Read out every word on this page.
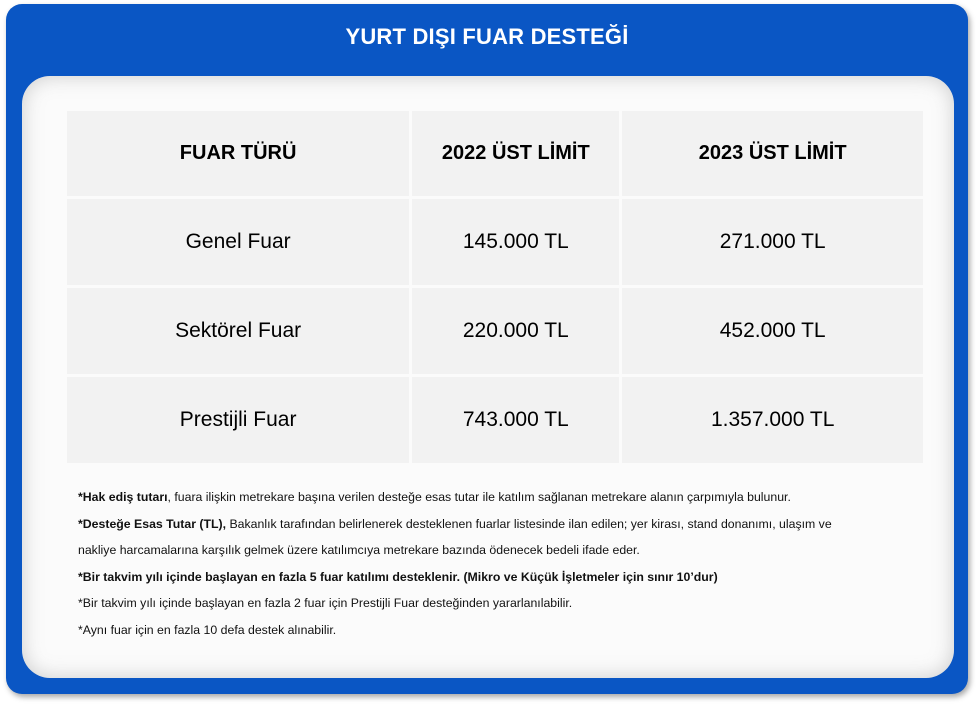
YURT DIŞI FUAR DESTEĞİ
FUAR TÜRÜ	2022 ÜST LİMİT	2023 ÜST LİMİT
Genel Fuar	145.000 TL	271.000 TL
Sektörel Fuar	220.000 TL	452.000 TL
Prestijli Fuar	743.000 TL	1.357.000 TL
*Hak ediş tutarı, fuara ilişkin metrekare başına verilen desteğe esas tutar ile katılım sağlanan metrekare alanın çarpımıyla bulunur.
*Desteğe Esas Tutar (TL), Bakanlık tarafından belirlenerek desteklenen fuarlar listesinde ilan edilen; yer kirası, stand donanımı, ulaşım ve
nakliye harcamalarına karşılık gelmek üzere katılımcıya metrekare bazında ödenecek bedeli ifade eder.
*Bir takvim yılı içinde başlayan en fazla 5 fuar katılımı desteklenir. (Mikro ve Küçük İşletmeler için sınır 10’dur)
*Bir takvim yılı içinde başlayan en fazla 2 fuar için Prestijli Fuar desteğinden yararlanılabilir.
*Aynı fuar için en fazla 10 defa destek alınabilir.
